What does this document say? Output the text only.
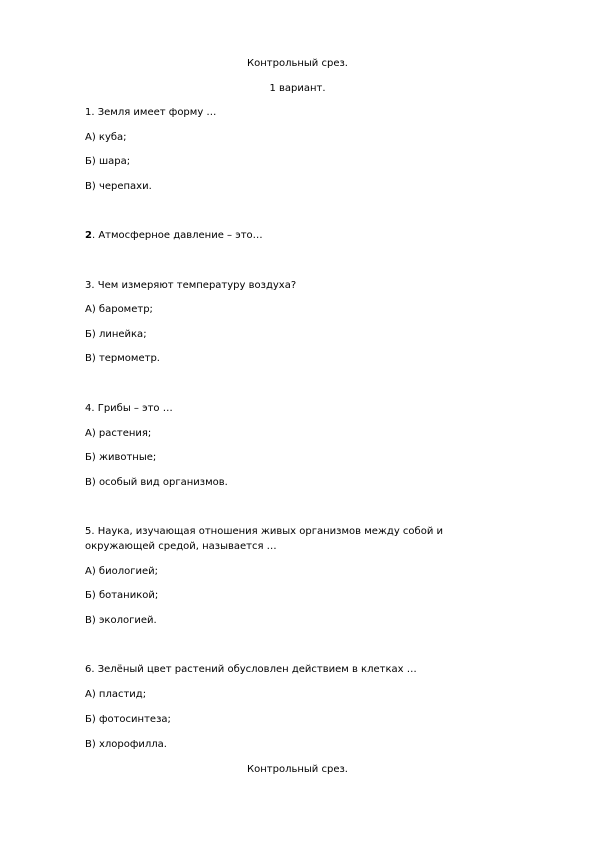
Контрольный срез.
1 вариант.
1. Земля имеет форму …
А) куба;
Б) шара;
В) черепахи.
2. Атмосферное давление – это…
3. Чем измеряют температуру воздуха?
А) барометр;
Б) линейка;
В) термометр.
4. Грибы – это …
А) растения;
Б) животные;
В) особый вид организмов.
5. Наука, изучающая отношения живых организмов между собой и
окружающей средой, называется …
А) биологией;
Б) ботаникой;
В) экологией.
6. Зелёный цвет растений обусловлен действием в клетках …
А) пластид;
Б) фотосинтеза;
В) хлорофилла.
Контрольный срез.
